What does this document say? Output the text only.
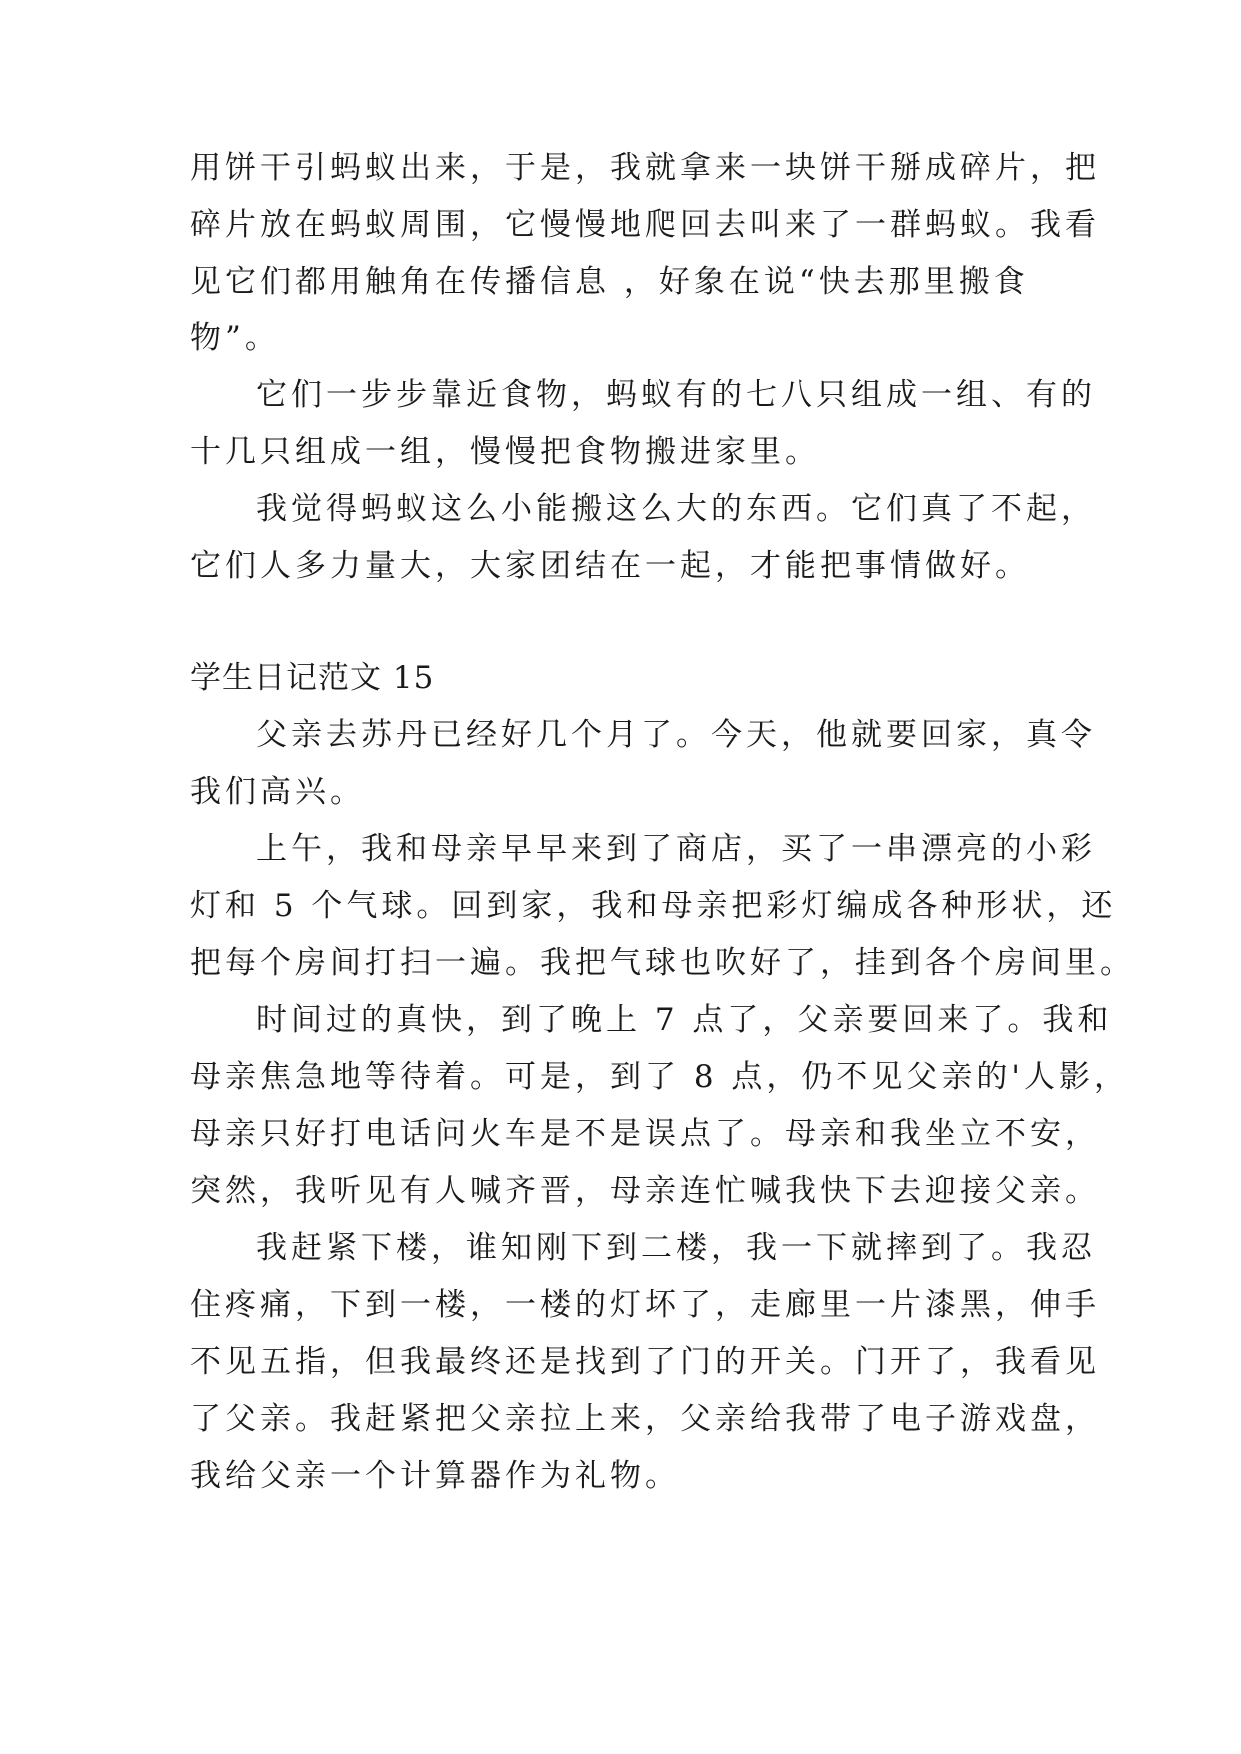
用饼干引蚂蚁出来，于是，我就拿来一块饼干掰成碎片，把
碎片放在蚂蚁周围，它慢慢地爬回去叫来了一群蚂蚁。我看
见它们都用触角在传播信息 ，好象在说“快去那里搬食
物”。
它们一步步靠近食物，蚂蚁有的七八只组成一组、有的
十几只组成一组，慢慢把食物搬进家里。
我觉得蚂蚁这么小能搬这么大的东西。它们真了不起，
它们人多力量大，大家团结在一起，才能把事情做好。
学生日记范文 15
父亲去苏丹已经好几个月了。今天，他就要回家，真令
我们高兴。
上午，我和母亲早早来到了商店，买了一串漂亮的小彩
灯和 5 个气球。回到家，我和母亲把彩灯编成各种形状，还
把每个房间打扫一遍。我把气球也吹好了，挂到各个房间里。
时间过的真快，到了晚上 7 点了，父亲要回来了。我和
母亲焦急地等待着。可是，到了 8 点，仍不见父亲的'人影，
母亲只好打电话问火车是不是误点了。母亲和我坐立不安，
突然，我听见有人喊齐晋，母亲连忙喊我快下去迎接父亲。
我赶紧下楼，谁知刚下到二楼，我一下就摔到了。我忍
住疼痛，下到一楼，一楼的灯坏了，走廊里一片漆黑，伸手
不见五指，但我最终还是找到了门的开关。门开了，我看见
了父亲。我赶紧把父亲拉上来，父亲给我带了电子游戏盘，
我给父亲一个计算器作为礼物。
